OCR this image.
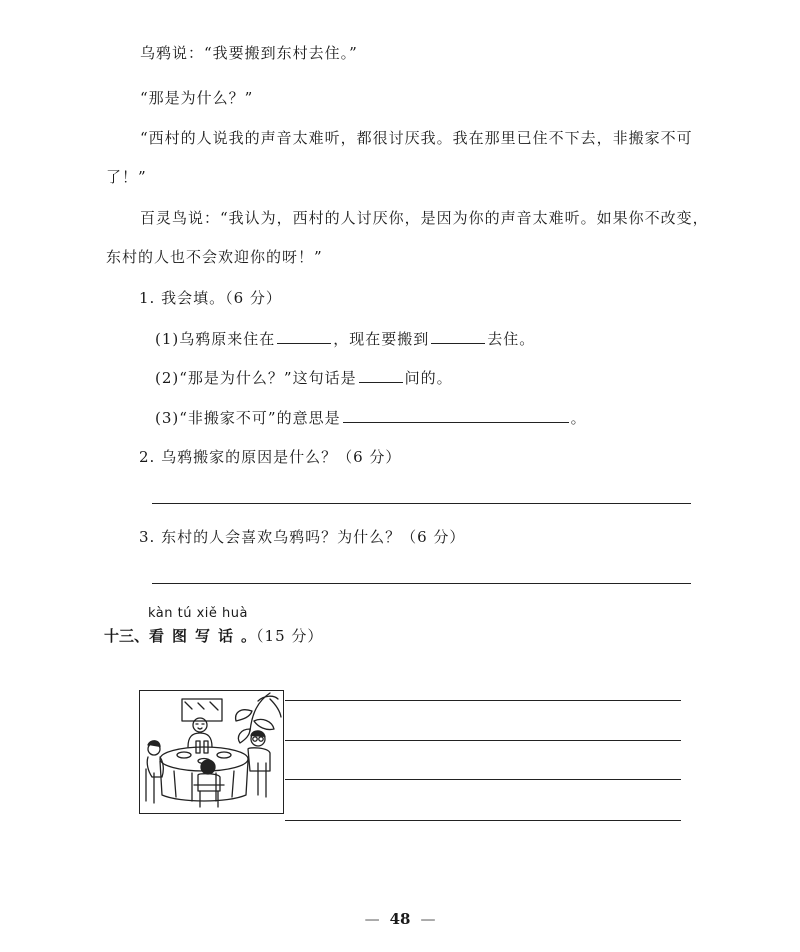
乌鸦说：“我要搬到东村去住。”
“那是为什么？”
“西村的人说我的声音太难听，都很讨厌我。我在那里已住不下去，非搬家不可
了！”
百灵鸟说：“我认为，西村的人讨厌你，是因为你的声音太难听。如果你不改变，
东村的人也不会欢迎你的呀！”
1. 我会填。（6 分）
(1)乌鸦原来住在	，现在要搬到	去住。
(2)“那是为什么？”这句话是	问的。
(3)“非搬家不可”的意思是	。
2. 乌鸦搬家的原因是什么？（6 分）
3. 东村的人会喜欢乌鸦吗？为什么？（6 分）
kàn tú xiě huà
十三、看图写话。（15 分）
— 48 —
